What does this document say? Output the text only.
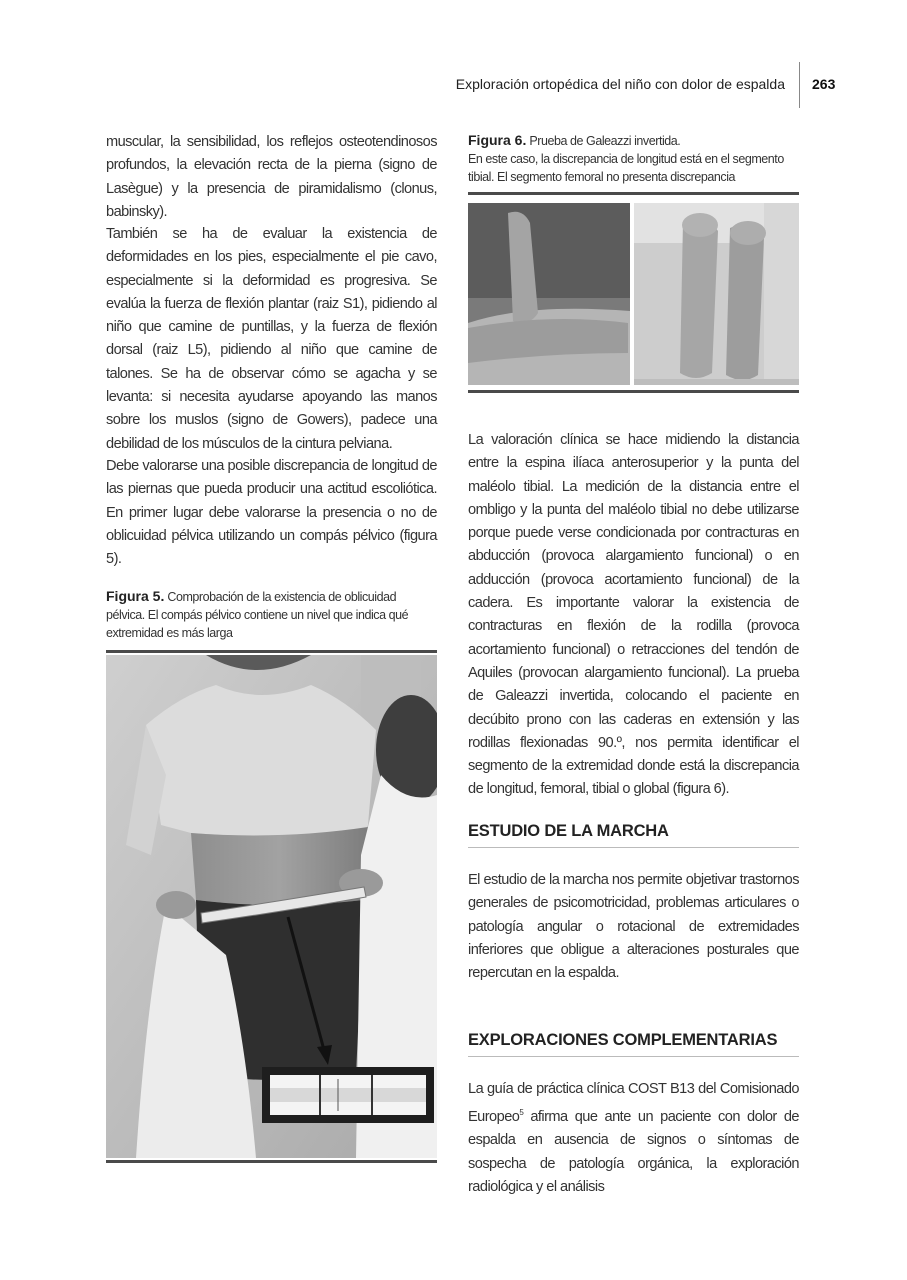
Exploración ortopédica del niño con dolor de espalda 263

muscular, la sensibilidad, los reflejos osteotendinosos profundos, la elevación recta de la pierna (signo de Lasègue) y la presencia de piramidalismo (clonus, babinsky).

También se ha de evaluar la existencia de deformidades en los pies, especialmente el pie cavo, especialmente si la deformidad es progresiva. Se evalúa la fuerza de flexión plantar (raiz S1), pidiendo al niño que camine de puntillas, y la fuerza de flexión dorsal (raiz L5), pidiendo al niño que camine de talones. Se ha de observar cómo se agacha y se levanta: si necesita ayudarse apoyando las manos sobre los muslos (signo de Gowers), padece una debilidad de los músculos de la cintura pelviana.

Debe valorarse una posible discrepancia de longitud de las piernas que pueda producir una actitud escoliótica. En primer lugar debe valorarse la presencia o no de oblicuidad pélvica utilizando un compás pélvico (figura 5).

Figura 5. Comprobación de la existencia de oblicuidad pélvica. El compás pélvico contiene un nivel que indica qué extremidad es más larga

Figura 6. Prueba de Galeazzi invertida.
En este caso, la discrepancia de longitud está en el segmento tibial. El segmento femoral no presenta discrepancia

La valoración clínica se hace midiendo la distancia entre la espina ilíaca anterosuperior y la punta del maléolo tibial. La medición de la distancia entre el ombligo y la punta del maléolo tibial no debe utilizarse porque puede verse condicionada por contracturas en abducción (provoca alargamiento funcional) o en adducción (provoca acortamiento funcional) de la cadera. Es importante valorar la existencia de contracturas en flexión de la rodilla (provoca acortamiento funcional) o retracciones del tendón de Aquiles (provocan alargamiento funcional). La prueba de Galeazzi invertida, colocando el paciente en decúbito prono con las caderas en extensión y las rodillas flexionadas 90.º, nos permita identificar el segmento de la extremidad donde está la discrepancia de longitud, femoral, tibial o global (figura 6).

ESTUDIO DE LA MARCHA

El estudio de la marcha nos permite objetivar trastornos generales de psicomotricidad, problemas articulares o patología angular o rotacional de extremidades inferiores que obligue a alteraciones posturales que repercutan en la espalda.

EXPLORACIONES COMPLEMENTARIAS

La guía de práctica clínica COST B13 del Comisionado Europeo$^5$ afirma que ante un paciente con dolor de espalda en ausencia de signos o síntomas de sospecha de patología orgánica, la exploración radiológica y el análisis
